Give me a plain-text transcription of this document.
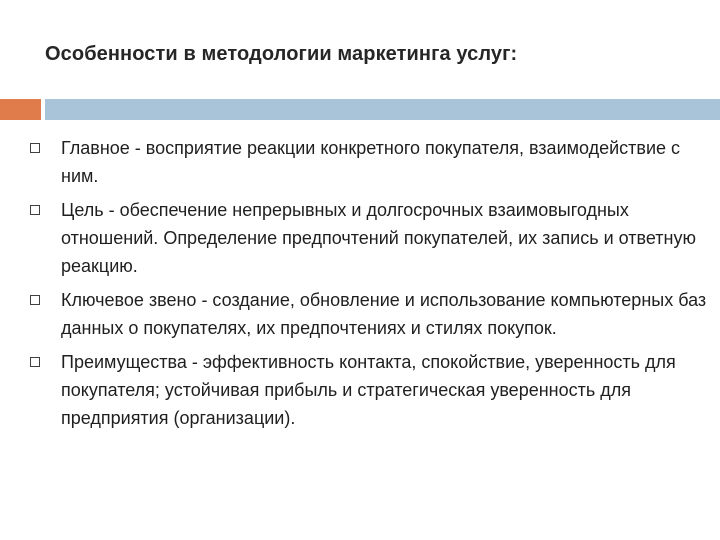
Особенности в методологии маркетинга услуг:
Главное - восприятие реакции конкретного покупателя, взаимодействие с ним.
Цель - обеспечение непрерывных и долгосрочных взаимовыгодных отношений. Определение предпочтений покупателей, их запись и ответную реакцию.
Ключевое звено - создание, обновление и использование компьютерных баз данных о покупателях, их предпочтениях и стилях покупок.
Преимущества - эффективность контакта, спокойствие, уверенность для покупателя; устойчивая прибыль и стратегическая уверенность для предприятия (организации).
